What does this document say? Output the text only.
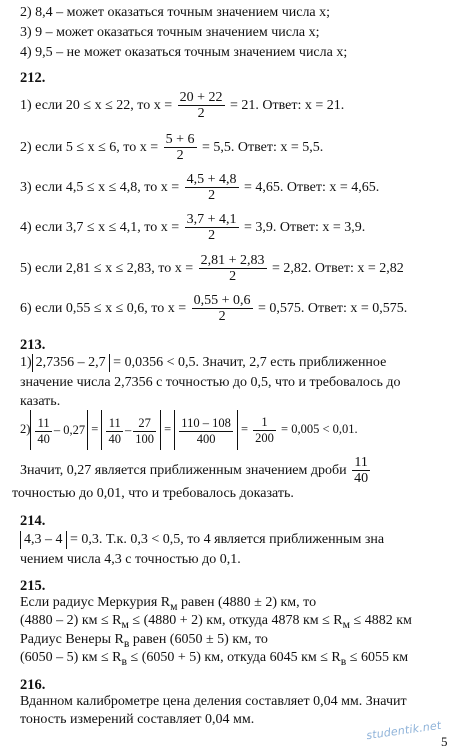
2) 8,4 – может оказаться точным значением числа x;
3) 9 – может оказаться точным значением числа x;
4) 9,5 – не может оказаться точным значением числа x;
212.
1) если 20 ≤ x ≤ 22, то $x = \frac{20 + 22}{2} = 21$. Ответ: x = 21.
2) если 5 ≤ x ≤ 6, то $x = \frac{5 + 6}{2} = 5,5$. Ответ: x = 5,5.
3) если 4,5 ≤ x ≤ 4,8, то $x = \frac{4,5 + 4,8}{2} = 4,65$. Ответ: x = 4,65.
4) если 3,7 ≤ x ≤ 4,1, то $x = \frac{3,7 + 4,1}{2} = 3,9$. Ответ: x = 3,9.
5) если 2,81 ≤ x ≤ 2,83, то $x = \frac{2,81 + 2,83}{2} = 2,82$. Ответ: x = 2,82
6) если 0,55 ≤ x ≤ 0,6, то $x = \frac{0,55 + 0,6}{2} = 0,575$. Ответ: x = 0,575.
213.
1) 2,7356 – 2,7 = 0,0356 < 0,5. Значит, 2,7 есть приближенное
значение числа 2,7356 с точностью до 0,5, что и требовалось до
казать.
$2) \frac{11}{40} - 0,27 = \frac{11}{40} - \frac{27}{100} = \frac{110 - 108}{400} = \frac{1}{200} = 0,005 < 0,01$.
Значит, 0,27 является приближенным значением дроби $\frac{11}{40}$
точностью до 0,01, что и требовалось доказать.
214.
4,3 – 4 = 0,3. Т.к. 0,3 < 0,5, то 4 является приближенным зна
чением числа 4,3 с точностью до 0,1.
215.
Если радиус Меркурия $R_м$ равен (4880 ± 2) км, то
(4880 – 2) км ≤ $R_м \le (4880 + 2)$ км, откуда 4878 км ≤ $R_м \le 4882$ км
Радиус Венеры $R_в$ равен (6050 ± 5) км, то
(6050 – 5) км ≤ $R_в \le (6050 + 5)$ км, откуда 6045 км ≤ $R_в \le 6055$ км
216.
Вданном калиброметре цена деления составляет 0,04 мм. Значит
тоность измерений составляет 0,04 мм.	studentik.net
5
